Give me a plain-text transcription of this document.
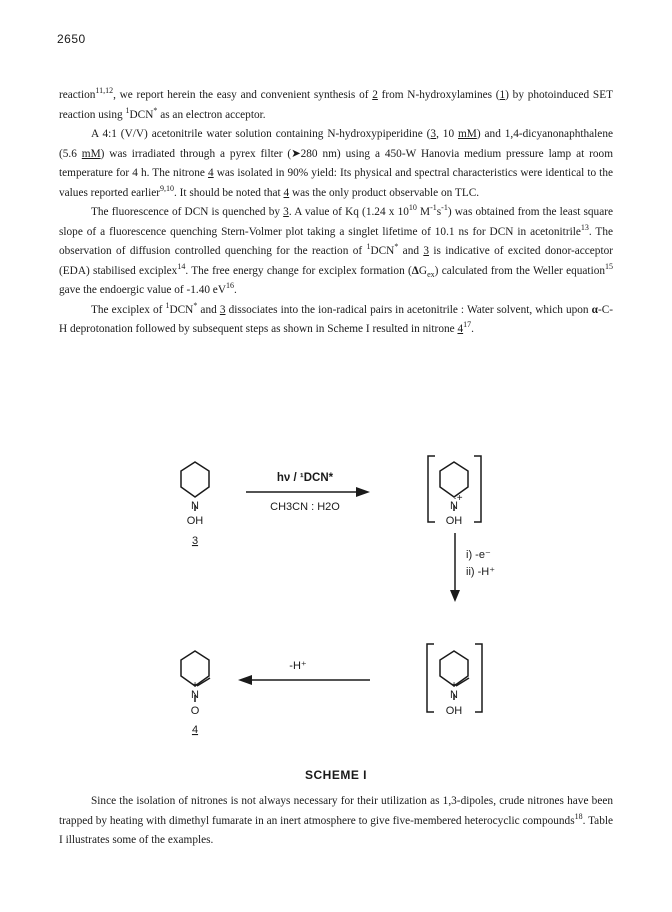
2650

reaction$^{11,12}$, we report herein the easy and convenient synthesis of 2 from N-hydroxylamines (1) by photoinduced SET reaction using $^1$DCN* as an electron acceptor.

A 4:1 (V/V) acetonitrile water solution containing N-hydroxypiperidine (3, 10 mM) and 1,4-dicyanonaphthalene (5.6 mM) was irradiated through a pyrex filter (➤280 nm) using a 450-W Hanovia medium pressure lamp at room temperature for 4 h. The nitrone 4 was isolated in 90% yield: Its physical and spectral characteristics were identical to the values reported earlier$^{9,10}$. It should be noted that 4 was the only product observable on TLC.

The fluorescence of DCN is quenched by 3. A value of Kq (1.24 x $10^{10}$ $M^{-1}s^{-1}$) was obtained from the least square slope of a fluorescence quenching Stern-Volmer plot taking a singlet lifetime of 10.1 ns for DCN in acetonitrile$^{13}$. The observation of diffusion controlled quenching for the reaction of $^1$DCN* and 3 is indicative of excited donor-acceptor (EDA) stabilised exciplex$^{14}$. The free energy change for exciplex formation $(\Delta G_{ex})$ calculated from the Weller equation$^{15}$ gave the endoergic value of -1.40 $eV^{16}$.

The exciplex of $^1$DCN* and 3 dissociates into the ion-radical pairs in acetonitrile : Water solvent, which upon α-C-H deprotonation followed by subsequent steps as shown in Scheme I resulted in nitrone $4^{17}$.

N
OH
3
hν / ¹DCN*
CH3CN : H2O
·+
N
OH
i) -e⁻
ii) -H⁺
+
N
OH
-H⁺
+
N
O
4
SCHEME I

Since the isolation of nitrones is not always necessary for their utilization as 1,3-dipoles, crude nitrones have been trapped by heating with dimethyl fumarate in an inert atmosphere to give five-membered heterocyclic compounds$^{18}$. Table I illustrates some of the examples.
